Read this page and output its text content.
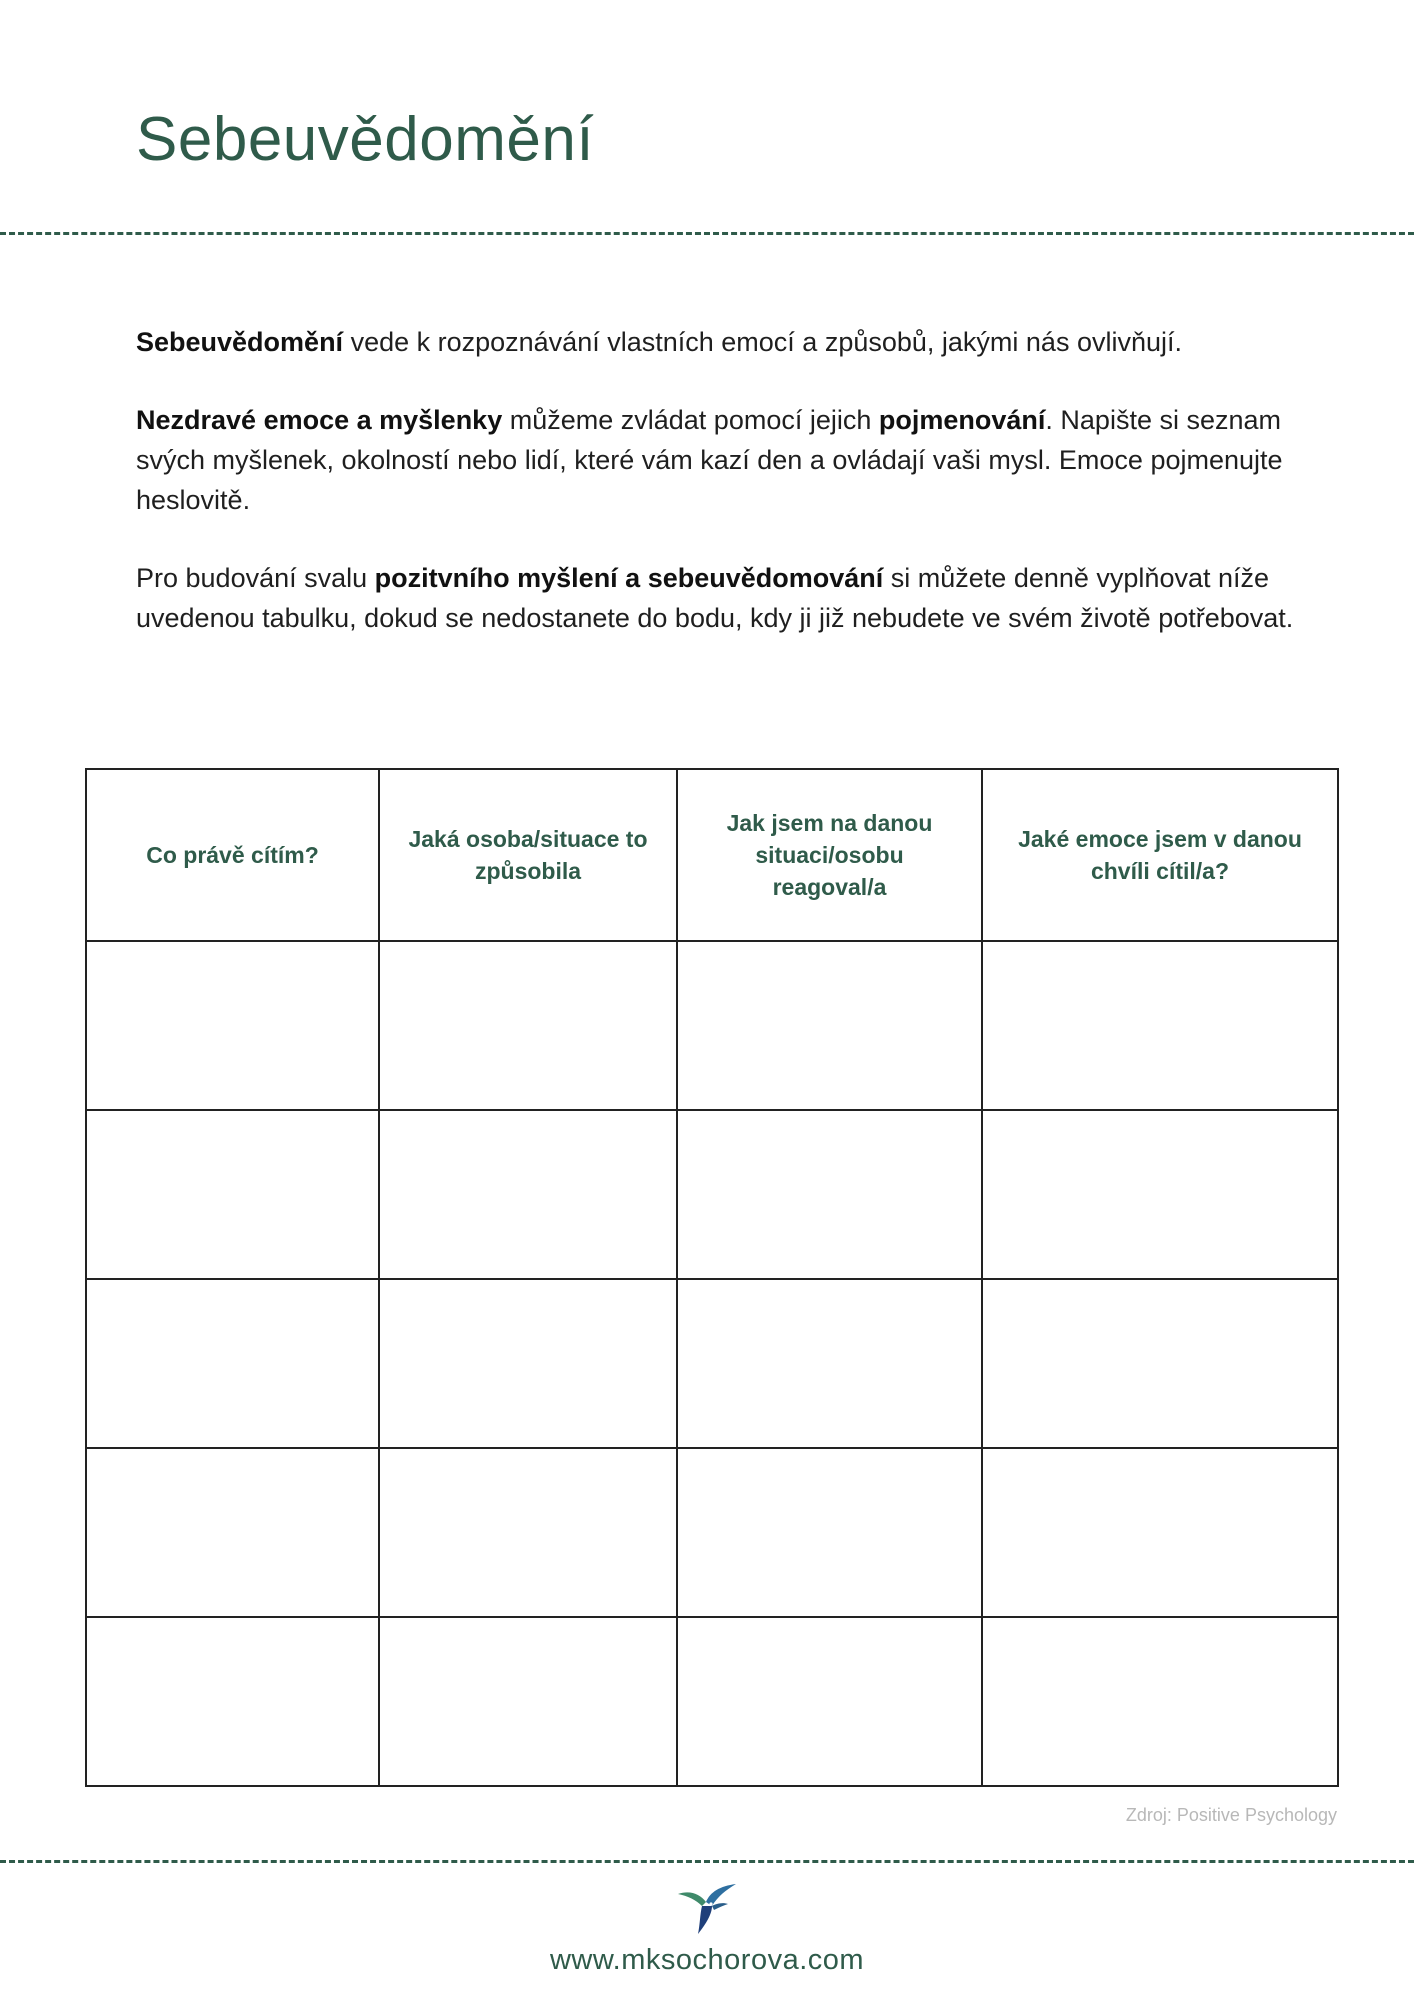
Sebeuvědomění

Sebeuvědomění vede k rozpoznávání vlastních emocí a způsobů, jakými nás ovlivňují.

Nezdravé emoce a myšlenky můžeme zvládat pomocí jejich pojmenování. Napište si seznam svých myšlenek, okolností nebo lidí, které vám kazí den a ovládají vaši mysl. Emoce pojmenujte heslovitě.

Pro budování svalu pozitvního myšlení a sebeuvědomování si můžete denně vyplňovat níže uvedenou tabulku, dokud se nedostanete do bodu, kdy ji již nebudete ve svém životě potřebovat.

Co právě cítím?	Jaká osoba/situace to způsobila	Jak jsem na danou situaci/osobu reagoval/a	Jaké emoce jsem v danou chvíli cítil/a?

Zdroj: Positive Psychology
www.mksochorova.com
